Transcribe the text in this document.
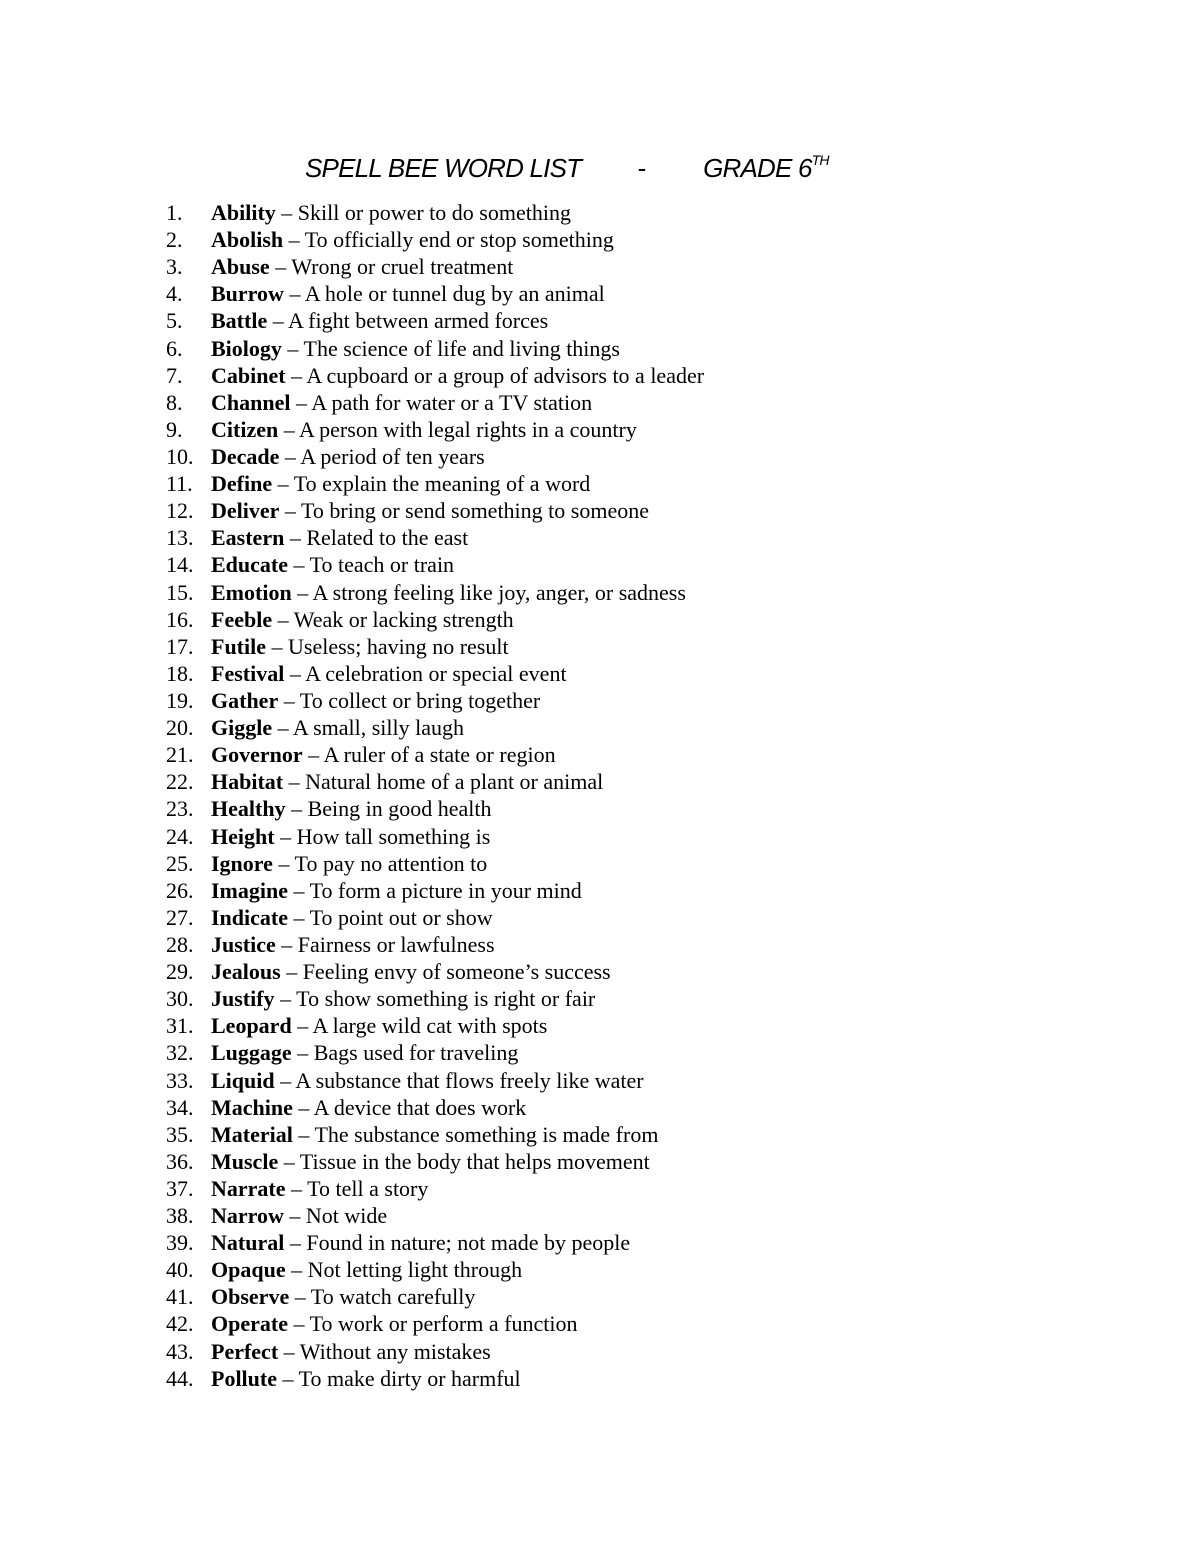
SPELL BEE WORD LIST - GRADE 6TH
1. Ability – Skill or power to do something
2. Abolish – To officially end or stop something
3. Abuse – Wrong or cruel treatment
4. Burrow – A hole or tunnel dug by an animal
5. Battle – A fight between armed forces
6. Biology – The science of life and living things
7. Cabinet – A cupboard or a group of advisors to a leader
8. Channel – A path for water or a TV station
9. Citizen – A person with legal rights in a country
10. Decade – A period of ten years
11. Define – To explain the meaning of a word
12. Deliver – To bring or send something to someone
13. Eastern – Related to the east
14. Educate – To teach or train
15. Emotion – A strong feeling like joy, anger, or sadness
16. Feeble – Weak or lacking strength
17. Futile – Useless; having no result
18. Festival – A celebration or special event
19. Gather – To collect or bring together
20. Giggle – A small, silly laugh
21. Governor – A ruler of a state or region
22. Habitat – Natural home of a plant or animal
23. Healthy – Being in good health
24. Height – How tall something is
25. Ignore – To pay no attention to
26. Imagine – To form a picture in your mind
27. Indicate – To point out or show
28. Justice – Fairness or lawfulness
29. Jealous – Feeling envy of someone’s success
30. Justify – To show something is right or fair
31. Leopard – A large wild cat with spots
32. Luggage – Bags used for traveling
33. Liquid – A substance that flows freely like water
34. Machine – A device that does work
35. Material – The substance something is made from
36. Muscle – Tissue in the body that helps movement
37. Narrate – To tell a story
38. Narrow – Not wide
39. Natural – Found in nature; not made by people
40. Opaque – Not letting light through
41. Observe – To watch carefully
42. Operate – To work or perform a function
43. Perfect – Without any mistakes
44. Pollute – To make dirty or harmful
